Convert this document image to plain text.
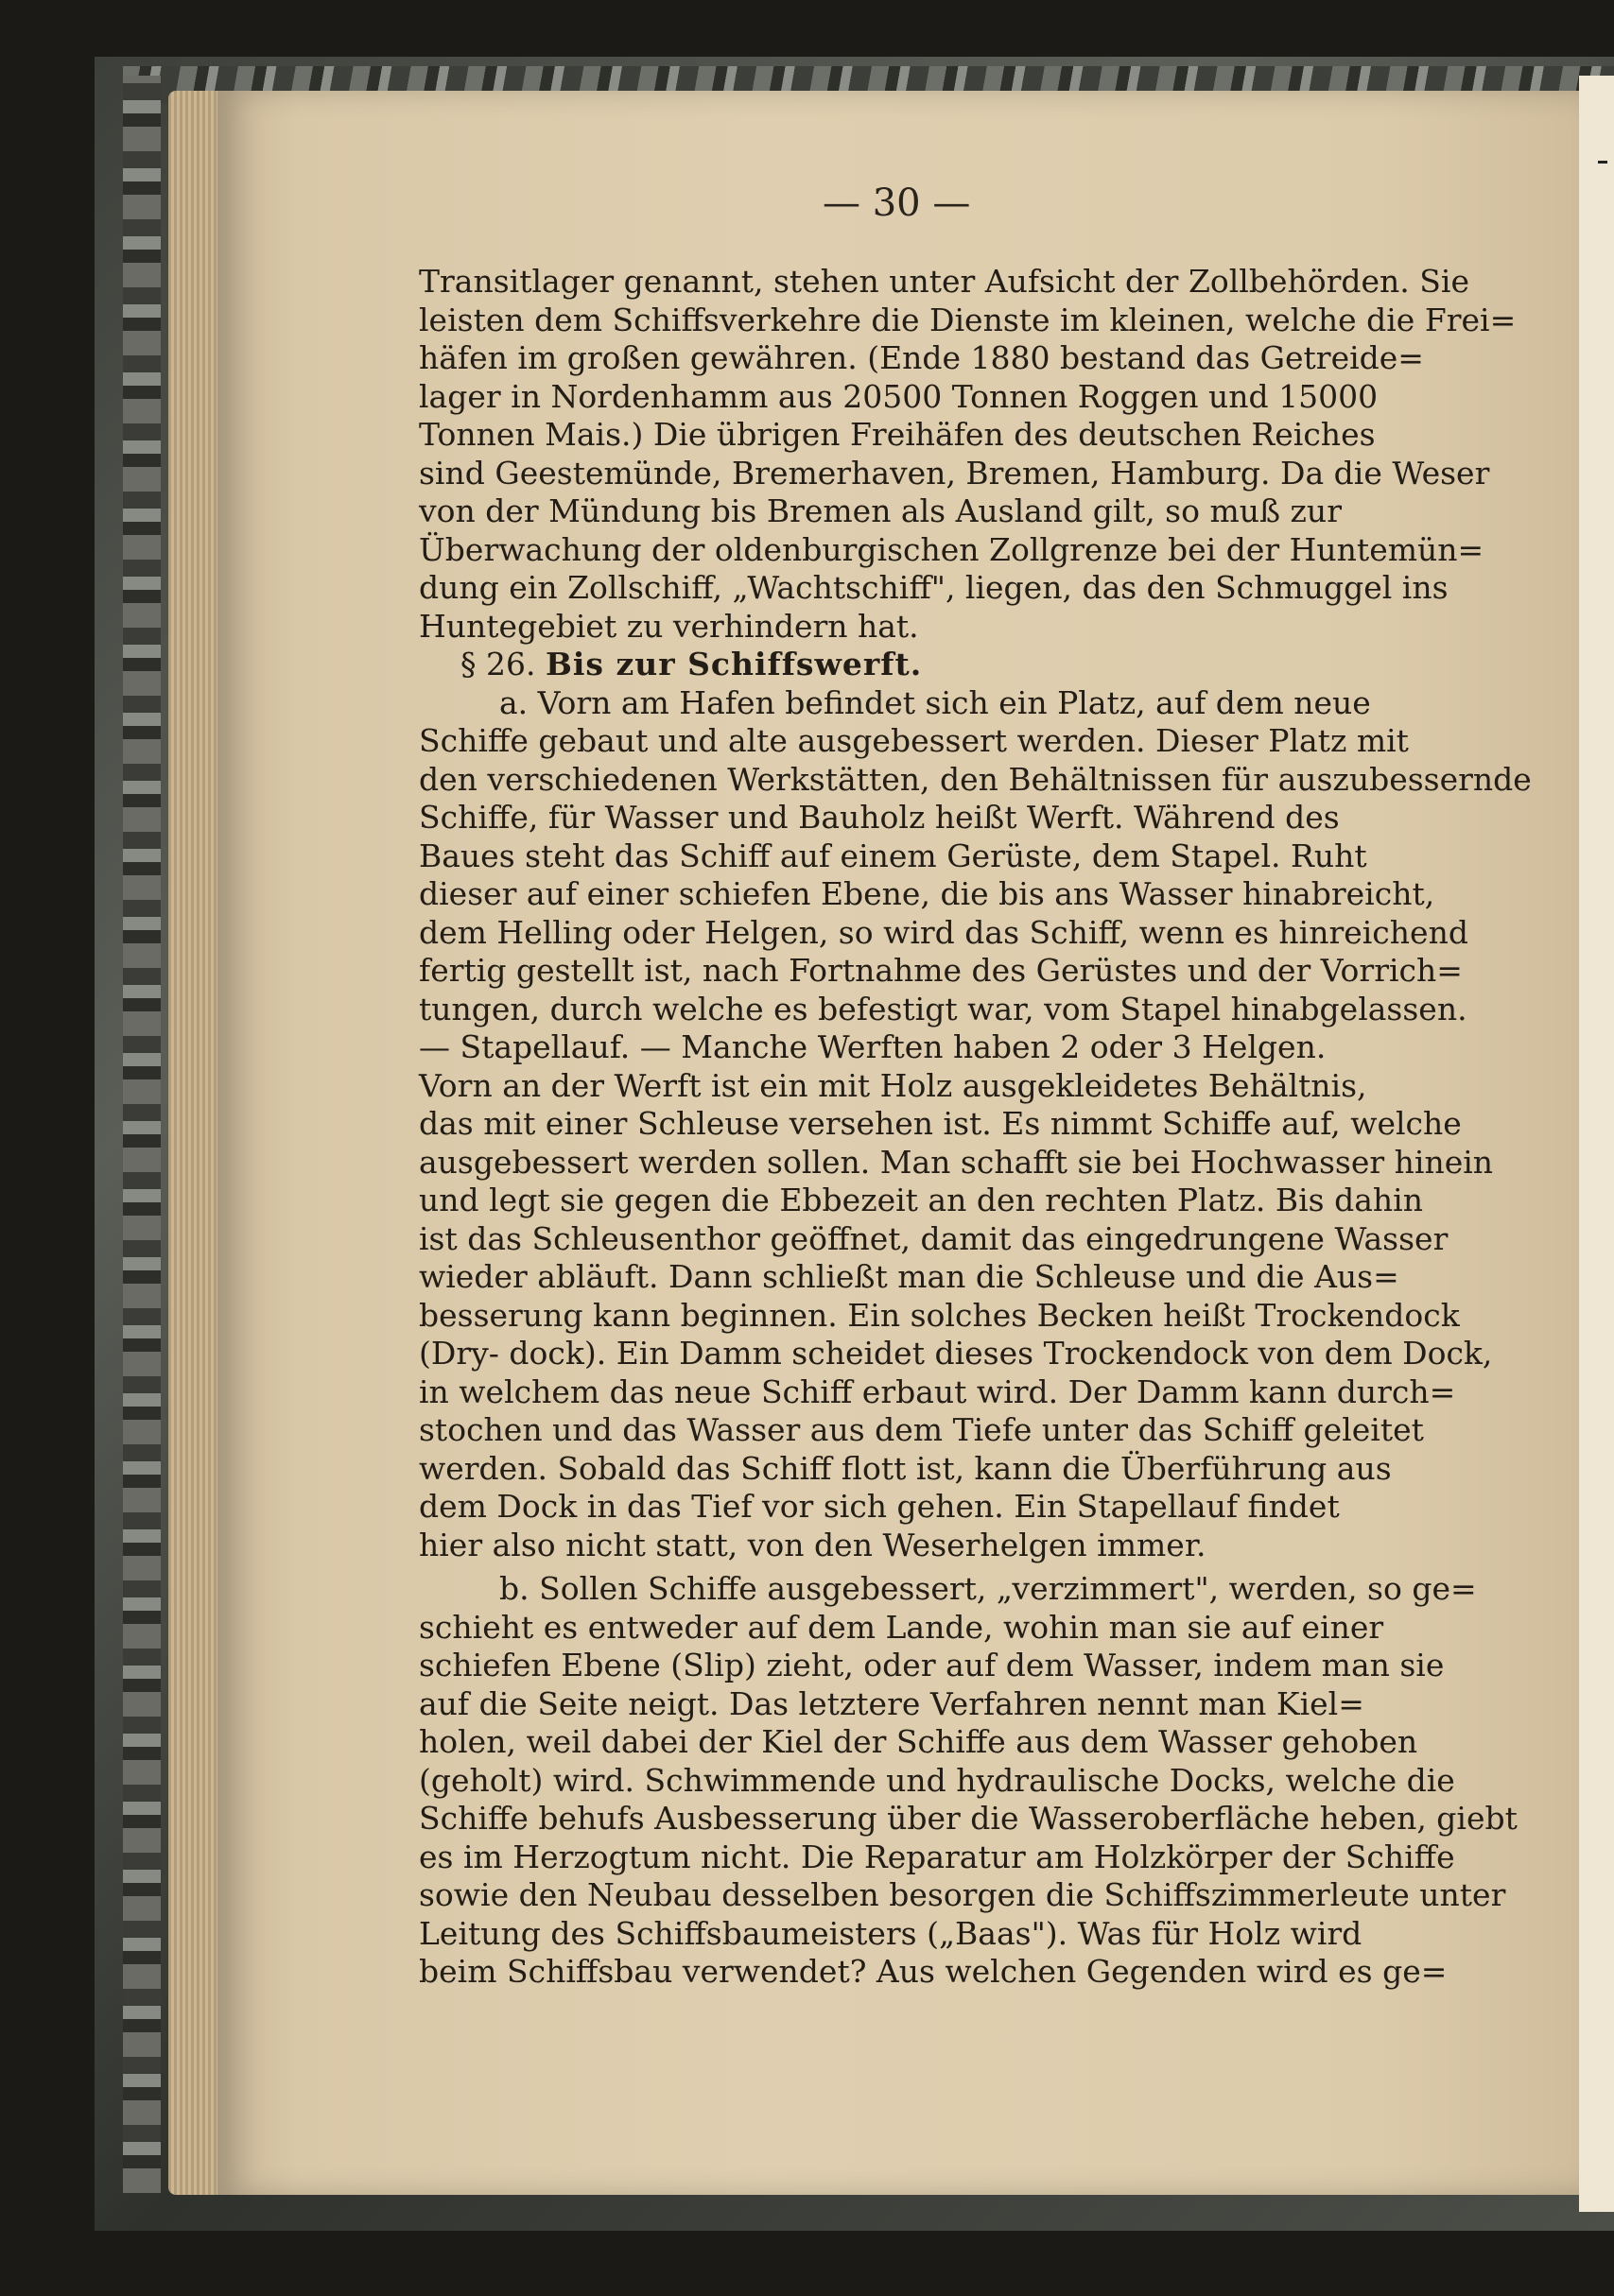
— 30 —
Transitlager genannt, stehen unter Aufsicht der Zollbehörden. Sie
leisten dem Schiffsverkehre die Dienste im kleinen, welche die Frei=
häfen im großen gewähren. (Ende 1880 bestand das Getreide=
lager in Nordenhamm aus 20500 Tonnen Roggen und 15000
Tonnen Mais.) Die übrigen Freihäfen des deutschen Reiches
sind Geestemünde, Bremerhaven, Bremen, Hamburg. Da die Weser
von der Mündung bis Bremen als Ausland gilt, so muß zur
Überwachung der oldenburgischen Zollgrenze bei der Huntemün=
dung ein Zollschiff, „Wachtschiff", liegen, das den Schmuggel ins
Huntegebiet zu verhindern hat.
§ 26. Bis zur Schiffswerft.
a. Vorn am Hafen befindet sich ein Platz, auf dem neue
Schiffe gebaut und alte ausgebessert werden. Dieser Platz mit
den verschiedenen Werkstätten, den Behältnissen für auszubessernde
Schiffe, für Wasser und Bauholz heißt Werft. Während des
Baues steht das Schiff auf einem Gerüste, dem Stapel. Ruht
dieser auf einer schiefen Ebene, die bis ans Wasser hinabreicht,
dem Helling oder Helgen, so wird das Schiff, wenn es hinreichend
fertig gestellt ist, nach Fortnahme des Gerüstes und der Vorrich=
tungen, durch welche es befestigt war, vom Stapel hinabgelassen.
— Stapellauf. — Manche Werften haben 2 oder 3 Helgen.
Vorn an der Werft ist ein mit Holz ausgekleidetes Behältnis,
das mit einer Schleuse versehen ist. Es nimmt Schiffe auf, welche
ausgebessert werden sollen. Man schafft sie bei Hochwasser hinein
und legt sie gegen die Ebbezeit an den rechten Platz. Bis dahin
ist das Schleusenthor geöffnet, damit das eingedrungene Wasser
wieder abläuft. Dann schließt man die Schleuse und die Aus=
besserung kann beginnen. Ein solches Becken heißt Trockendock
(Dry- dock). Ein Damm scheidet dieses Trockendock von dem Dock,
in welchem das neue Schiff erbaut wird. Der Damm kann durch=
stochen und das Wasser aus dem Tiefe unter das Schiff geleitet
werden. Sobald das Schiff flott ist, kann die Überführung aus
dem Dock in das Tief vor sich gehen. Ein Stapellauf findet
hier also nicht statt, von den Weserhelgen immer.
b. Sollen Schiffe ausgebessert, „verzimmert", werden, so ge=
schieht es entweder auf dem Lande, wohin man sie auf einer
schiefen Ebene (Slip) zieht, oder auf dem Wasser, indem man sie
auf die Seite neigt. Das letztere Verfahren nennt man Kiel=
holen, weil dabei der Kiel der Schiffe aus dem Wasser gehoben
(geholt) wird. Schwimmende und hydraulische Docks, welche die
Schiffe behufs Ausbesserung über die Wasseroberfläche heben, giebt
es im Herzogtum nicht. Die Reparatur am Holzkörper der Schiffe
sowie den Neubau desselben besorgen die Schiffszimmerleute unter
Leitung des Schiffsbaumeisters („Baas"). Was für Holz wird
beim Schiffsbau verwendet? Aus welchen Gegenden wird es ge=
